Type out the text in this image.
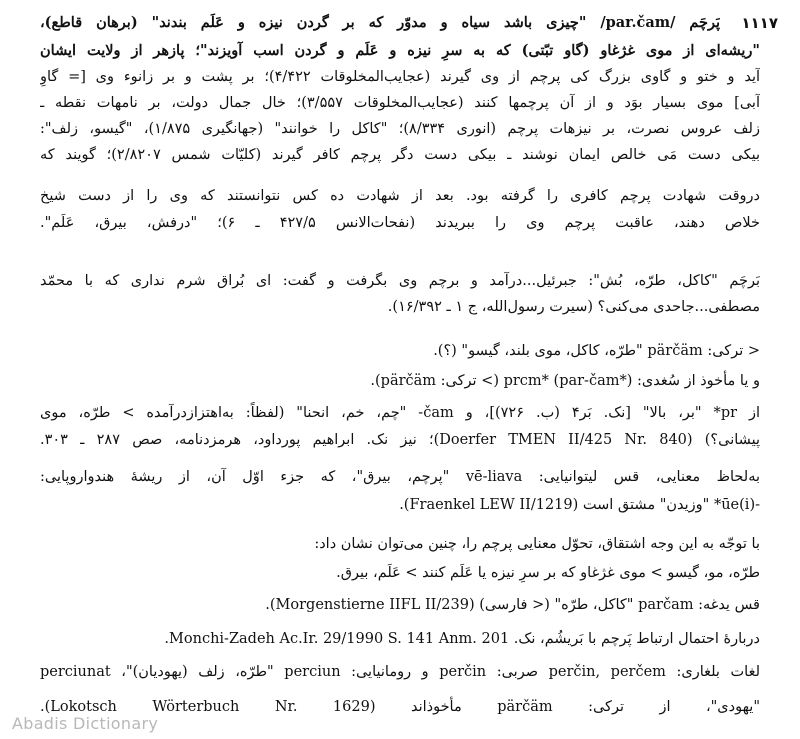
۱۱۱۷
پَرچَم /par.čam/ "چیزی باشد سیاه و مدوّر که بر گردن نیزه و عَلَم بندند" (برهان قاطع)،
"ریشه‌ای از موی غژغاو (گاو تبّتی) که به سرِ نیزه و عَلَم و گردن اسب آویزند"؛ پازهر از ولایت ایشان
آید و ختو و گاوی بزرگ کی پرچم از وی گیرند (عجایب‌المخلوقات ۴/۴۲۲)؛ بر پشت و بر زانوء وی [= گاوِ
آبی] موی بسیار بوَد و از آن پرچمها کنند (عجایب‌المخلوقات ۳/۵۵۷)؛ خال جمال دولت، بر نامهات نقطه ـ
زلف عروس نصرت، بر نیزهات پرچم (انوری ۸/۳۳۴)؛ "کاکل را خوانند" (جهانگیری ۱/۸۷۵)، "گیسو، زلف":
بیکی دست مَی خالص ایمان نوشند ـ بیکی دست دگر پرچم کافر گیرند (کلیّات شمس ۲/۸۲۰۷)؛ گویند که
دروقت شهادت پرچم کافری را گرفته بود. بعد از شهادت ده کس نتوانستند که وی را از دست شیخ
خلاص دهند، عاقبت پرچم وی را ببریدند (نفحات‌الانس ۴۲۷/۵ ـ ۶)؛ "درفش، بیرق، عَلَم".
بَرچَم "کاکل، طرّه، بُش": جبرئیل...درآمد و برچم وی بگرفت و گفت: ای بُراق شرم نداری که با محمّد
مصطفی...جاحدی می‌کنی؟ (سیرت رسول‌الله، ج ۱ ـ ۱۶/۳۹۲).
< ترکی: pärčäm "طرّه، کاکل، موی بلند، گیسو" (؟).
و یا مأخوذ از سُغدی: prcm* (par-čam*) (> ترکی: pärčäm).
از pr* "بر، بالا" [نک. بَر۴ (ب. ۷۲۶)]، و čam- "چم، خم، انحنا" (لفظاً: به‌اهتزازدرآمده > طرّه، موی
پیشانی؟) (Doerfer TMEN II/425 Nr. 840)؛ نیز نک. ابراهیم پورداود، هرمزدنامه، صص ۲۸۷ ـ ۳۰۳.
به‌لحاظ معنایی، قس لیتوانیایی: vē-liava "پرچم، بیرق"، که جزء اوّل آن، از ریشهٔ هندواروپایی:
-(i)ūe* "وزیدن" مشتق است (Fraenkel LEW II/1219).
با توجّه به این وجه اشتقاق، تحوّل معنایی پرچم را، چنین می‌توان نشان داد:
طرّه، مو، گیسو > موی غژغاو که بر سرِ نیزه یا عَلَم کنند > عَلَم، بیرق.
قس یدغه: parčam "کاکل، طرّه" (< فارسی) (Morgenstierne IIFL II/239).
دربارهٔ احتمال ارتباط پَرچم با بَریشُم، نک. Monchi-Zadeh Ac.Ir. 29/1990 S. 141 Anm. 201.
لغات بلغاری: perčin, perčem صربی: perčin و رومانیایی: perciun "طرّه، زلف (یهودیان)"، perciunat
"یهودی"، از ترکی: pärčäm مأخوذاند (Lokotsch Wörterbuch Nr. 1629).
Abadis Dictionary
